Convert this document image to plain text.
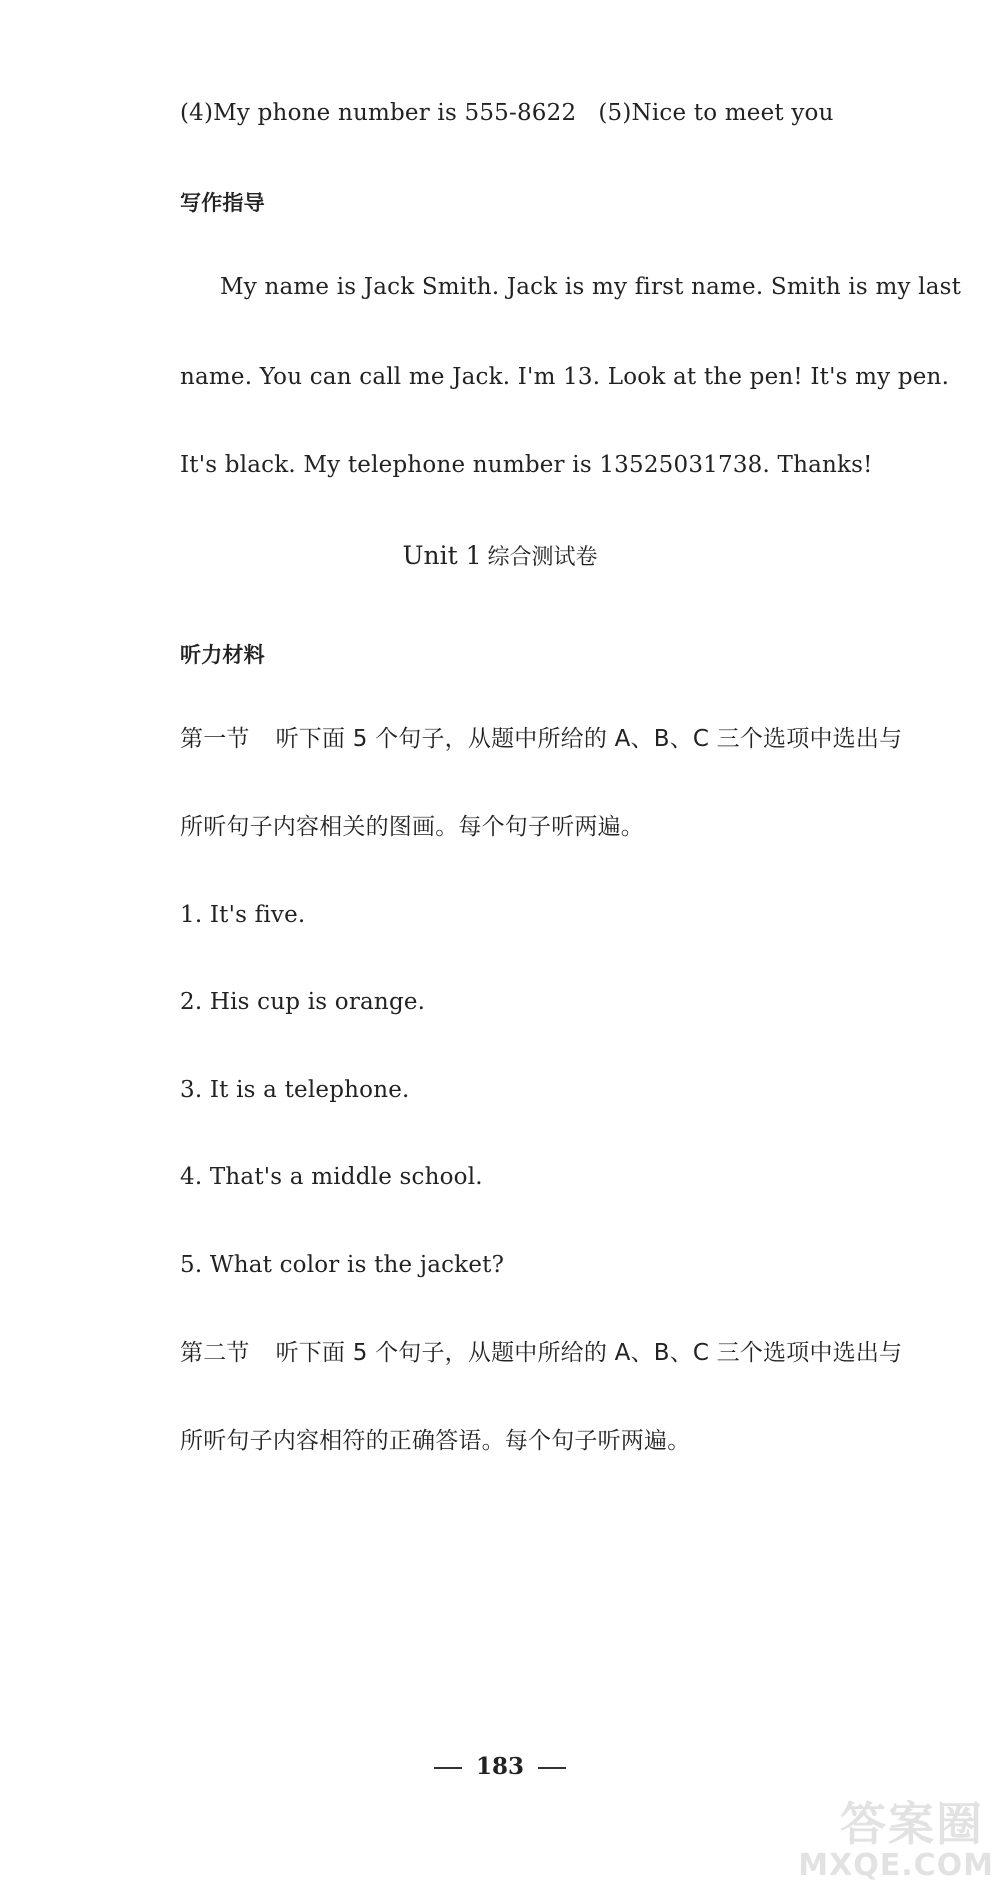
(4)My phone number is 555-8622 (5)Nice to meet you
写作指导
My name is Jack Smith. Jack is my first name. Smith is my last
name. You can call me Jack. I'm 13. Look at the pen! It's my pen.
It's black. My telephone number is 13525031738. Thanks!
Unit 1 综合测试卷
听力材料
第一节 听下面 5 个句子，从题中所给的 A、B、C 三个选项中选出与
所听句子内容相关的图画。每个句子听两遍。
1. It's five.
2. His cup is orange.
3. It is a telephone.
4. That's a middle school.
5. What color is the jacket?
第二节 听下面 5 个句子，从题中所给的 A、B、C 三个选项中选出与
所听句子内容相符的正确答语。每个句子听两遍。
183
答案圈
MXQE.COM
